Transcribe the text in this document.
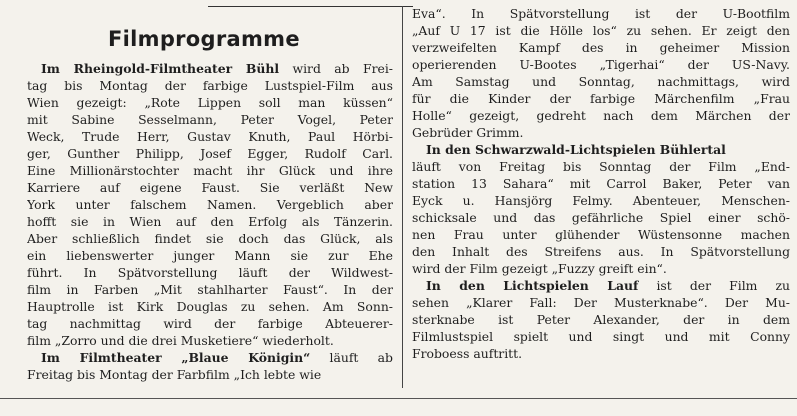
Filmprogramme
Im Rheingold-Filmtheater Bühl wird ab Frei-
tag bis Montag der farbige Lustspiel-Film aus
Wien gezeigt: „Rote Lippen soll man küssen“
mit Sabine Sesselmann, Peter Vogel, Peter
Weck, Trude Herr, Gustav Knuth, Paul Hörbi-
ger, Gunther Philipp, Josef Egger, Rudolf Carl.
Eine Millionärstochter macht ihr Glück und ihre
Karriere auf eigene Faust. Sie verläßt New
York unter falschem Namen. Vergeblich aber
hofft sie in Wien auf den Erfolg als Tänzerin.
Aber schließlich findet sie doch das Glück, als
ein liebenswerter junger Mann sie zur Ehe
führt. In Spätvorstellung läuft der Wildwest-
film in Farben „Mit stahlharter Faust“. In der
Hauptrolle ist Kirk Douglas zu sehen. Am Sonn-
tag nachmittag wird der farbige Abteuerer-
film „Zorro und die drei Musketiere“ wiederholt.
Im Filmtheater „Blaue Königin“ läuft ab
Freitag bis Montag der Farbfilm „Ich lebte wie
Eva“. In Spätvorstellung ist der U-Bootfilm
„Auf U 17 ist die Hölle los“ zu sehen. Er zeigt den
verzweifelten Kampf des in geheimer Mission
operierenden U-Bootes „Tigerhai“ der US-Navy.
Am Samstag und Sonntag, nachmittags, wird
für die Kinder der farbige Märchenfilm „Frau
Holle“ gezeigt, gedreht nach dem Märchen der
Gebrüder Grimm.
In den Schwarzwald-Lichtspielen Bühlertal
läuft von Freitag bis Sonntag der Film „End-
station 13 Sahara“ mit Carrol Baker, Peter van
Eyck u. Hansjörg Felmy. Abenteuer, Menschen-
schicksale und das gefährliche Spiel einer schö-
nen Frau unter glühender Wüstensonne machen
den Inhalt des Streifens aus. In Spätvorstellung
wird der Film gezeigt „Fuzzy greift ein“.
In den Lichtspielen Lauf ist der Film zu
sehen „Klarer Fall: Der Musterknabe“. Der Mu-
sterknabe ist Peter Alexander, der in dem
Filmlustspiel spielt und singt und mit Conny
Froboess auftritt.
